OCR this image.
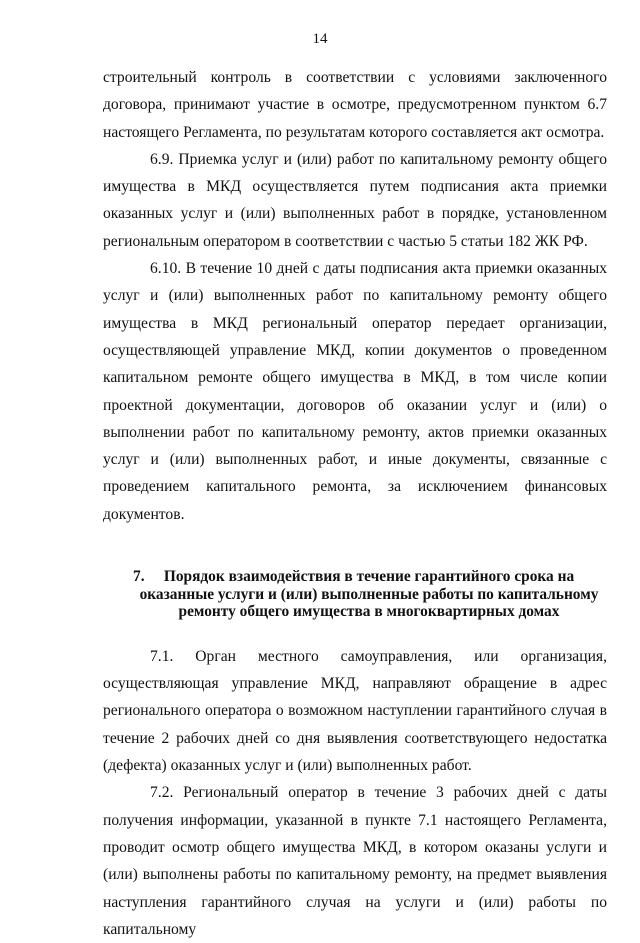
14

строительный контроль в соответствии с условиями заключенного договора, принимают участие в осмотре, предусмотренном пунктом 6.7 настоящего Регламента, по результатам которого составляется акт осмотра.

6.9. Приемка услуг и (или) работ по капитальному ремонту общего имущества в МКД осуществляется путем подписания акта приемки оказанных услуг и (или) выполненных работ в порядке, установленном региональным оператором в соответствии с частью 5 статьи 182 ЖК РФ.

6.10. В течение 10 дней с даты подписания акта приемки оказанных услуг и (или) выполненных работ по капитальному ремонту общего имущества в МКД региональный оператор передает организации, осуществляющей управление МКД, копии документов о проведенном капитальном ремонте общего имущества в МКД, в том числе копии проектной документации, договоров об оказании услуг и (или) о выполнении работ по капитальному ремонту, актов приемки оказанных услуг и (или) выполненных работ, и иные документы, связанные с проведением капитального ремонта, за исключением финансовых документов.

7.	Порядок взаимодействия в течение гарантийного срока на оказанные услуги и (или) выполненные работы по капитальному ремонту общего имущества в многоквартирных домах

7.1. Орган местного самоуправления, или организация, осуществляющая управление МКД, направляют обращение в адрес регионального оператора о возможном наступлении гарантийного случая в течение 2 рабочих дней со дня выявления соответствующего недостатка (дефекта) оказанных услуг и (или) выполненных работ.

7.2. Региональный оператор в течение 3 рабочих дней с даты получения информации, указанной в пункте 7.1 настоящего Регламента, проводит осмотр общего имущества МКД, в котором оказаны услуги и (или) выполнены работы по капитальному ремонту, на предмет выявления наступления гарантийного случая на услуги и (или) работы по капитальному
